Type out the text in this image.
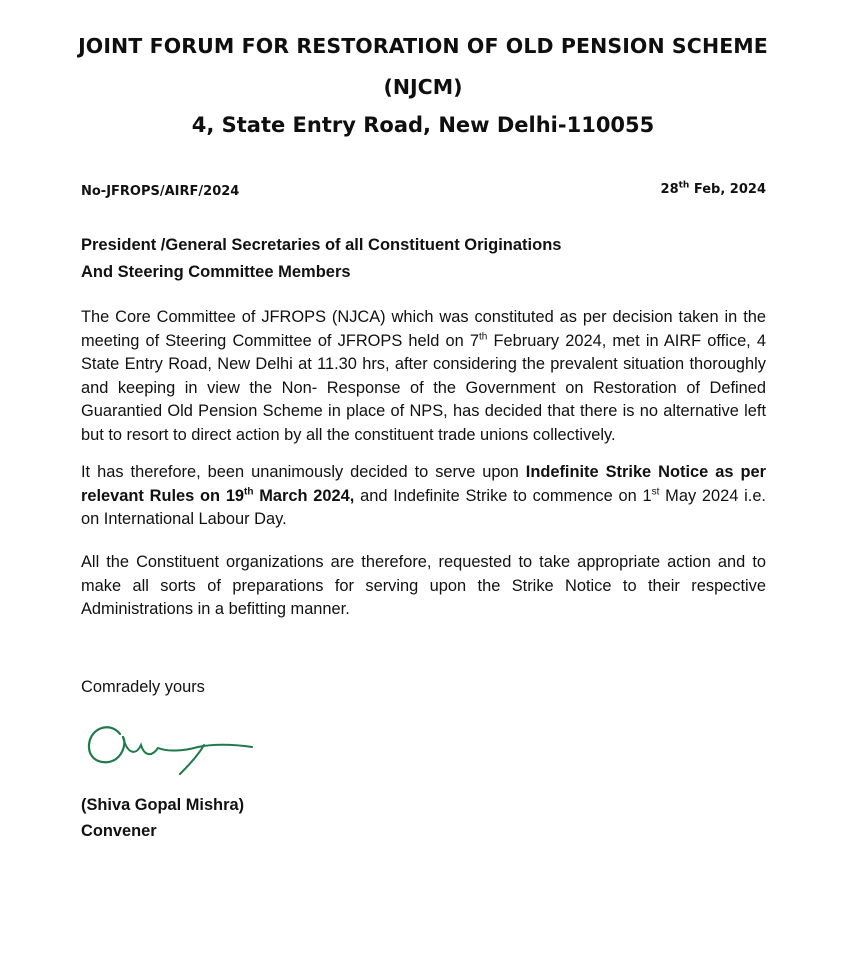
JOINT FORUM FOR RESTORATION OF OLD PENSION SCHEME
(NJCM)
4, State Entry Road, New Delhi-110055
No-JFROPS/AIRF/2024	28th Feb, 2024
President /General Secretaries of all Constituent Originations
And Steering Committee Members
The Core Committee of JFROPS (NJCA) which was constituted as per decision taken in the meeting of Steering Committee of JFROPS held on 7th February 2024, met in AIRF office, 4 State Entry Road, New Delhi at 11.30 hrs, after considering the prevalent situation thoroughly and keeping in view the Non- Response of the Government on Restoration of Defined Guarantied Old Pension Scheme in place of NPS, has decided that there is no alternative left but to resort to direct action by all the constituent trade unions collectively.
It has therefore, been unanimously decided to serve upon Indefinite Strike Notice as per relevant Rules on 19th March 2024, and Indefinite Strike to commence on 1st May 2024 i.e. on International Labour Day.
All the Constituent organizations are therefore, requested to take appropriate action and to make all sorts of preparations for serving upon the Strike Notice to their respective Administrations in a befitting manner.
Comradely yours
(Shiva Gopal Mishra)
Convener
